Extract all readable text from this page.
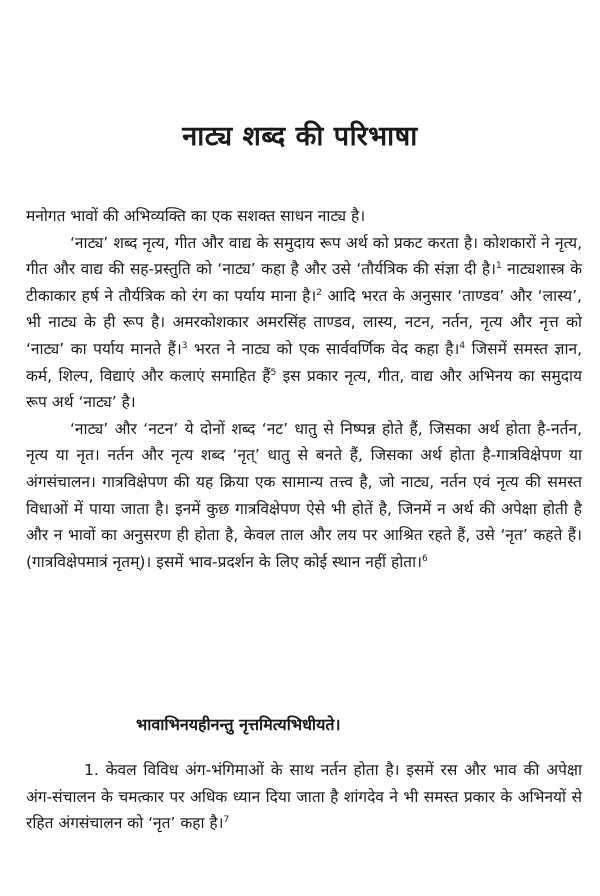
नाट्य शब्द की परिभाषा

मनोगत भावों की अभिव्यक्ति का एक सशक्त साधन नाट्य है।

‘नाट्य’ शब्द नृत्य, गीत और वाद्य के समुदाय रूप अर्थ को प्रकट करता है। कोशकारों ने नृत्य, गीत और वाद्य की सह-प्रस्तुति को ‘नाट्य’ कहा है और उसे ‘तौर्यत्रिक की संज्ञा दी है।$^1$ नाट्यशास्त्र के टीकाकार हर्ष ने तौर्यत्रिक को रंग का पर्याय माना है।$^2$ आदि भरत के अनुसार ‘ताण्डव’ और ‘लास्य’, भी नाट्य के ही रूप है। अमरकोशकार अमरसिंह ताण्डव, लास्य, नटन, नर्तन, नृत्य और नृत्त को ‘नाट्य’ का पर्याय मानते हैं।$^3$ भरत ने नाट्य को एक सार्ववर्णिक वेद कहा है।$^4$ जिसमें समस्त ज्ञान, कर्म, शिल्प, विद्याएं और कलाएं समाहित हैं$^5$ इस प्रकार नृत्य, गीत, वाद्य और अभिनय का समुदाय रूप अर्थ ‘नाट्य’ है।

‘नाट्य’ और ‘नटन’ ये दोनों शब्द ‘नट’ धातु से निष्पन्न होते हैं, जिसका अर्थ होता है-नर्तन, नृत्य या नृत। नर्तन और नृत्य शब्द ‘नृत्’ धातु से बनते हैं, जिसका अर्थ होता है-गात्रविक्षेपण या अंगसंचालन। गात्रविक्षेपण की यह क्रिया एक सामान्य तत्त्व है, जो नाट्य, नर्तन एवं नृत्य की समस्त विधाओं में पाया जाता है। इनमें कुछ गात्रविक्षेपण ऐसे भी होतें है, जिनमें न अर्थ की अपेक्षा होती है और न भावों का अनुसरण ही होता है, केवल ताल और लय पर आश्रित रहते हैं, उसे ‘नृत’ कहते हैं। (गात्रविक्षेपमात्रं नृतम्)। इसमें भाव-प्रदर्शन के लिए कोई स्थान नहीं होता।$^6$

भावाभिनयहीनन्तु नृत्तमित्यभिधीयते।

1. केवल विविध अंग-भंगिमाओं के साथ नर्तन होता है। इसमें रस और भाव की अपेक्षा अंग-संचालन के चमत्कार पर अधिक ध्यान दिया जाता है शांगदेव ने भी समस्त प्रकार के अभिनयों से रहित अंगसंचालन को ‘नृत’ कहा है।$^7$
